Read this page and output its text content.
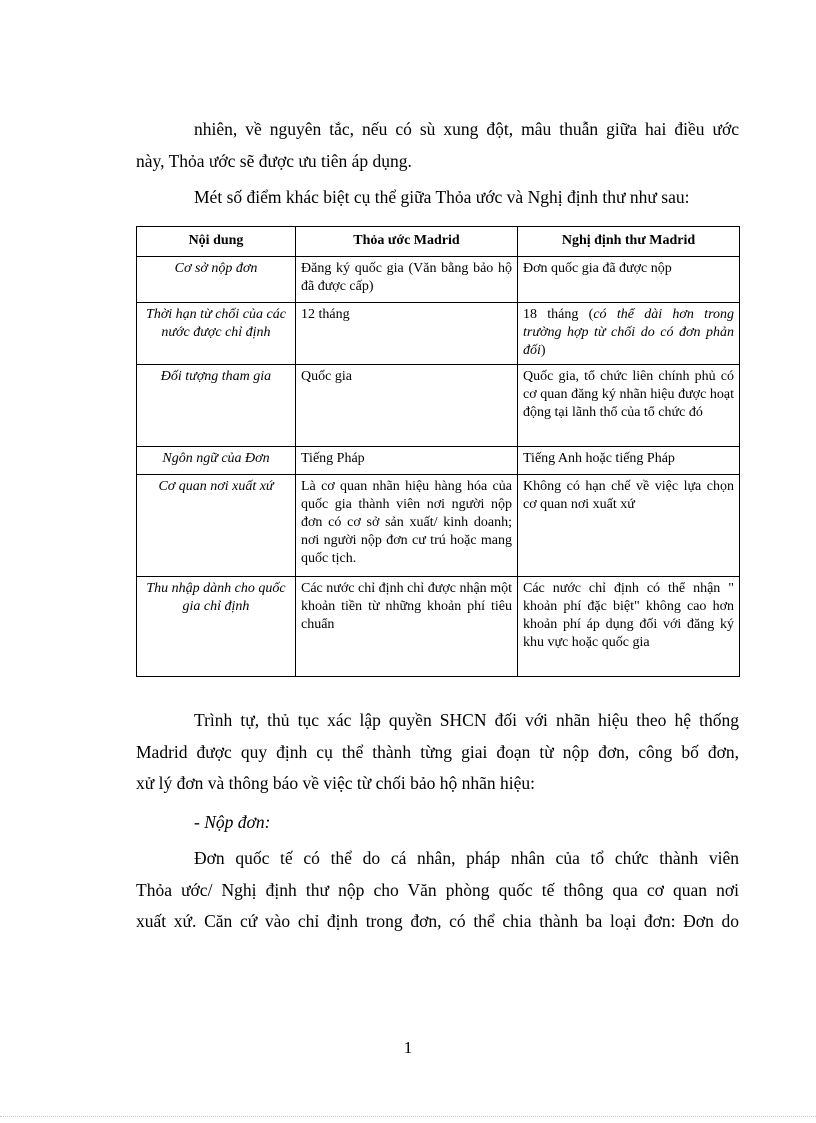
nhiên, về nguyên tắc, nếu có sù xung đột, mâu thuẫn giữa hai điều ước
này, Thỏa ước sẽ được ưu tiên áp dụng.

Mét số điểm khác biệt cụ thể giữa Thỏa ước và Nghị định thư như sau:

Nội dung	Thỏa ước Madrid	Nghị định thư Madrid
Cơ sở nộp đơn	Đăng ký quốc gia (Văn bằng bảo hộ đã được cấp)	Đơn quốc gia đã được nộp
Thời hạn từ chối của các nước được chỉ định	12 tháng	18 tháng (có thể dài hơn trong trường hợp từ chối do có đơn phản đối)
Đối tượng tham gia	Quốc gia	Quốc gia, tổ chức liên chính phủ có cơ quan đăng ký nhãn hiệu được hoạt động tại lãnh thổ của tổ chức đó
Ngôn ngữ của Đơn	Tiếng Pháp	Tiếng Anh hoặc tiếng Pháp
Cơ quan nơi xuất xứ	Là cơ quan nhãn hiệu hàng hóa của quốc gia thành viên nơi người nộp đơn có cơ sở sản xuất/ kinh doanh; nơi người nộp đơn cư trú hoặc mang quốc tịch.	Không có hạn chế về việc lựa chọn cơ quan nơi xuất xứ
Thu nhập dành cho quốc gia chỉ định	Các nước chỉ định chỉ được nhận một khoản tiền từ những khoản phí tiêu chuẩn	Các nước chỉ định có thể nhận " khoản phí đặc biệt" không cao hơn khoản phí áp dụng đối với đăng ký khu vực hoặc quốc gia

Trình tự, thủ tục xác lập quyền SHCN đối với nhãn hiệu theo hệ thống
Madrid được quy định cụ thể thành từng giai đoạn từ nộp đơn, công bố đơn,
xử lý đơn và thông báo về việc từ chối bảo hộ nhãn hiệu:

- Nộp đơn:

Đơn quốc tế có thể do cá nhân, pháp nhân của tổ chức thành viên
Thỏa ước/ Nghị định thư nộp cho Văn phòng quốc tế thông qua cơ quan nơi
xuất xứ. Căn cứ vào chỉ định trong đơn, có thể chia thành ba loại đơn: Đơn do

1
